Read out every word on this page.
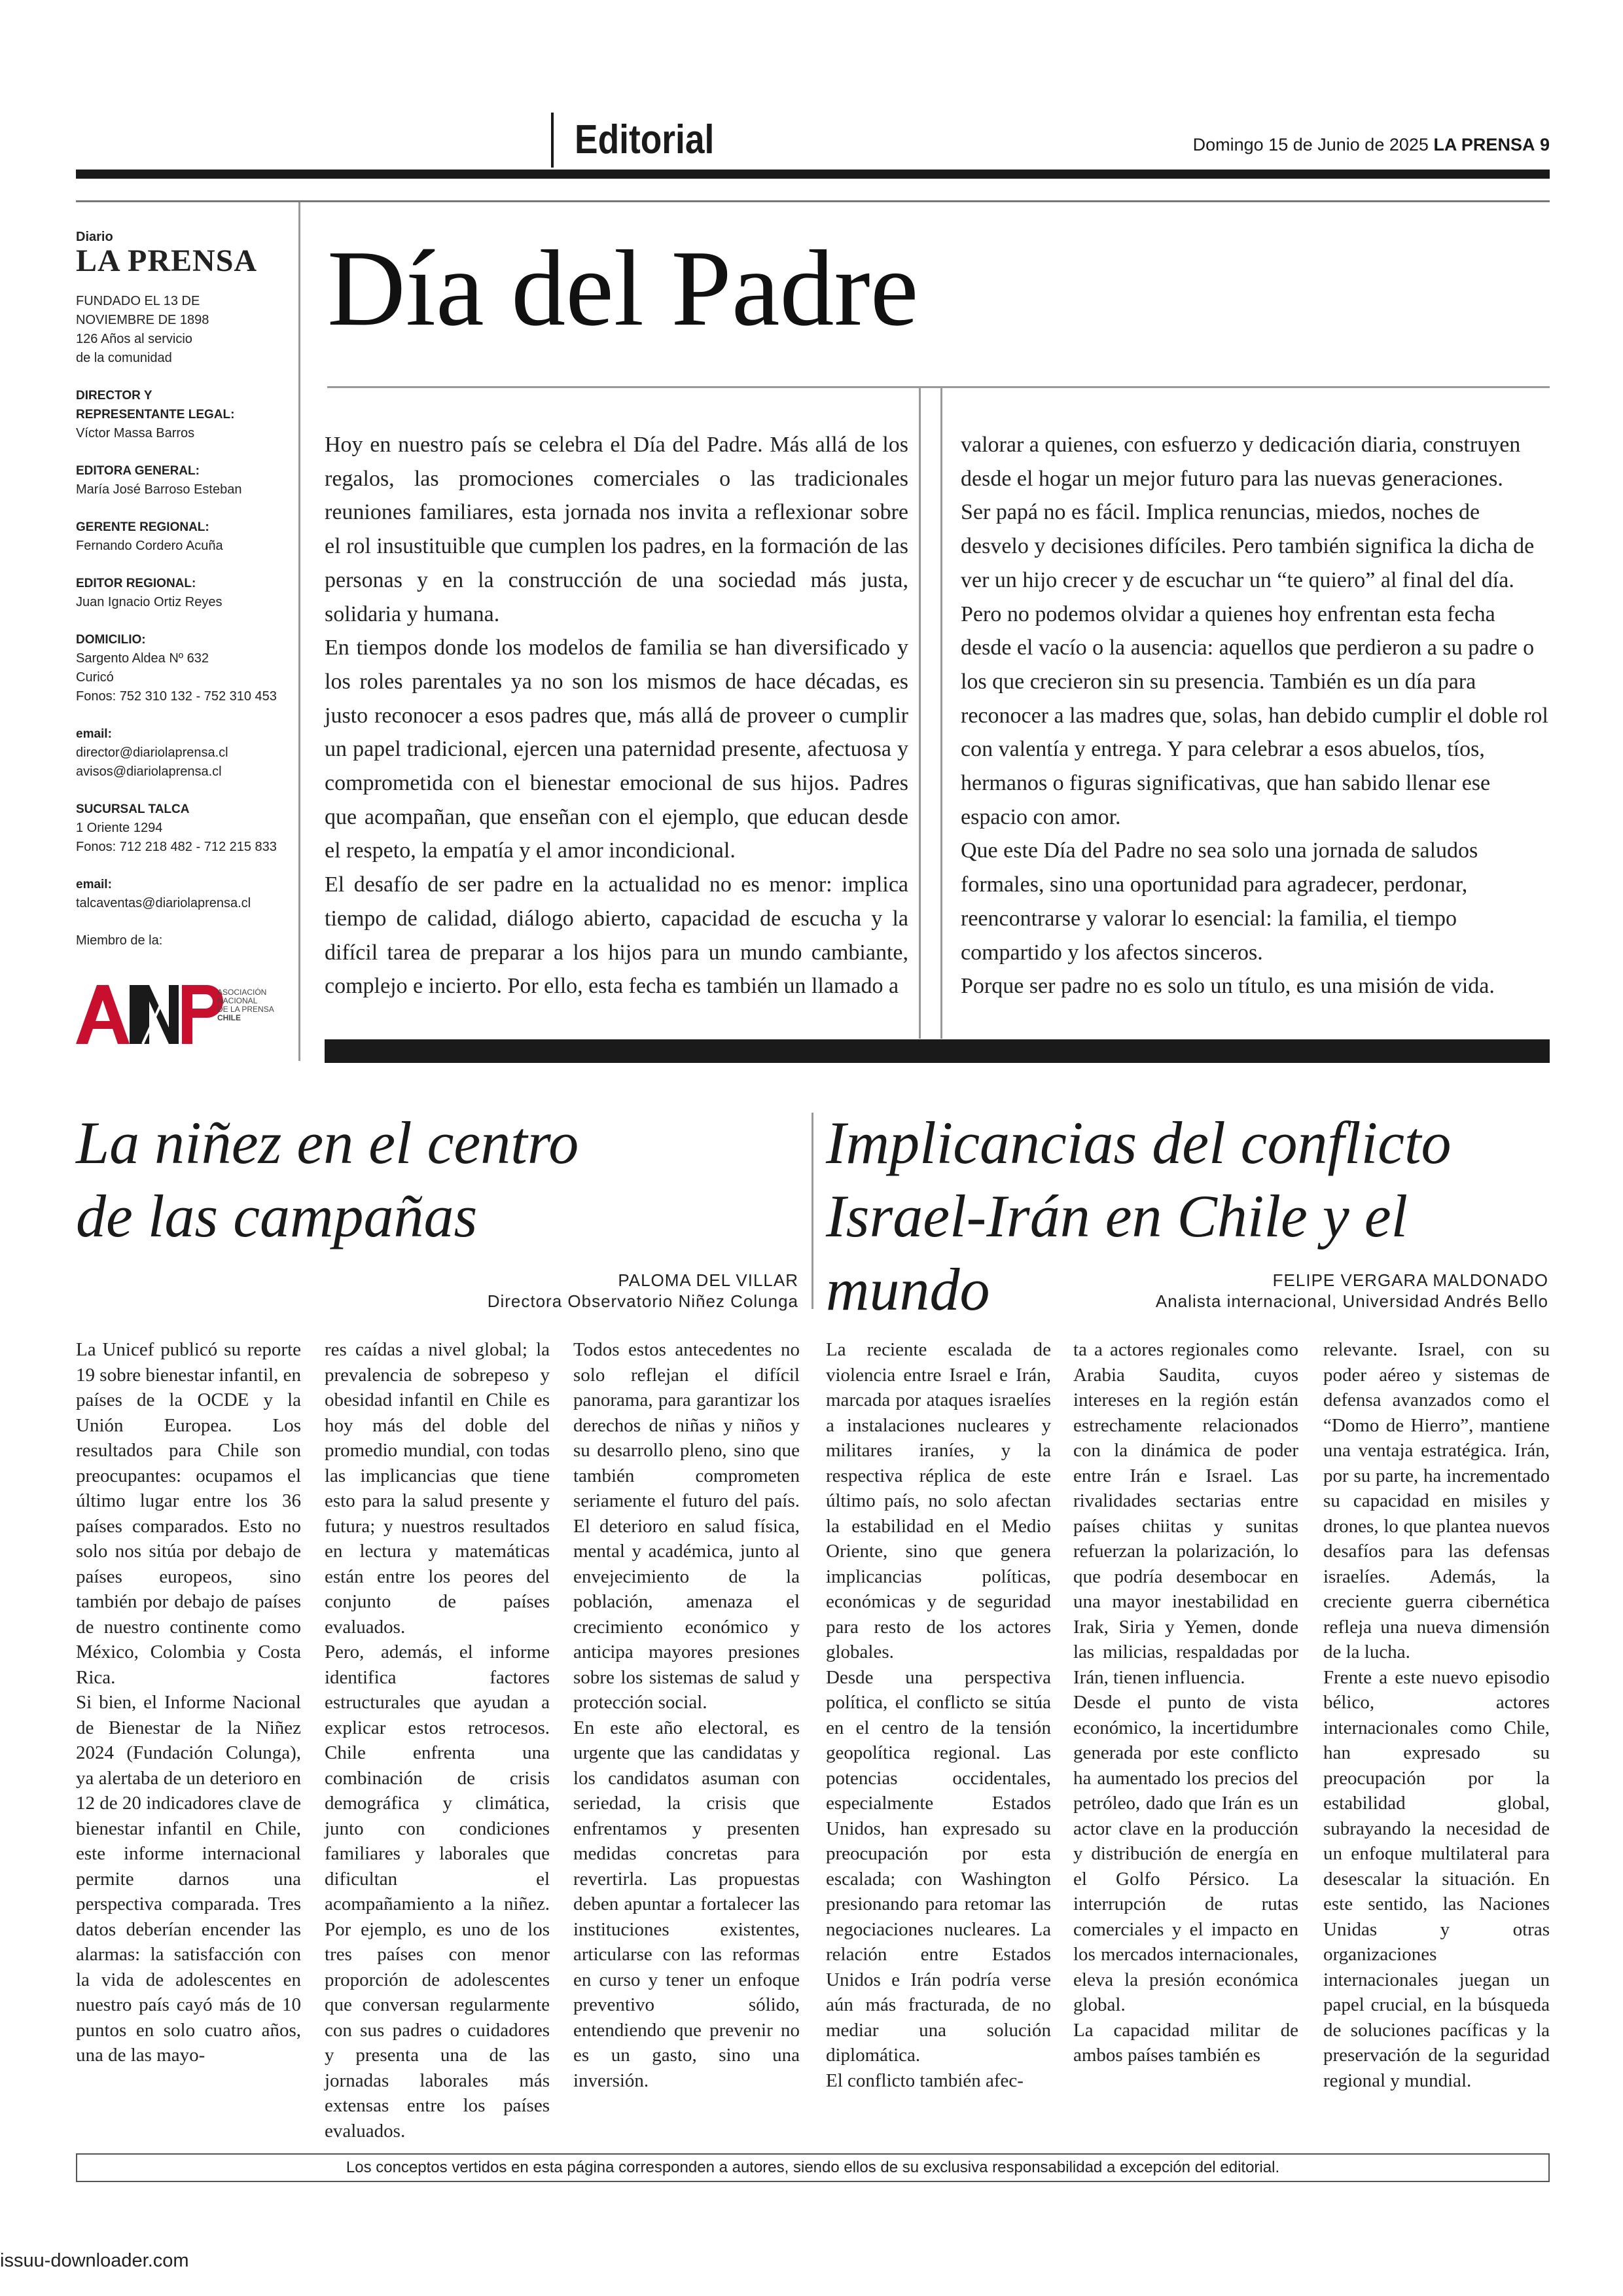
Editorial	Domingo 15 de Junio de 2025 LA PRENSA 9
Diario
LA PRENSA
FUNDADO EL 13 DE
NOVIEMBRE DE 1898
126 Años al servicio
de la comunidad
DIRECTOR Y
REPRESENTANTE LEGAL:
Víctor Massa Barros
EDITORA GENERAL:
María José Barroso Esteban
GERENTE REGIONAL:
Fernando Cordero Acuña
EDITOR REGIONAL:
Juan Ignacio Ortiz Reyes
DOMICILIO:
Sargento Aldea Nº 632
Curicó
Fonos: 752 310 132 - 752 310 453
email:
director@diariolaprensa.cl
avisos@diariolaprensa.cl
SUCURSAL TALCA
1 Oriente 1294
Fonos: 712 218 482 - 712 215 833
email:
talcaventas@diariolaprensa.cl
Miembro de la:
ASOCIACIÓN
NACIONAL
DE LA PRENSA
CHILE
Día del Padre

Hoy en nuestro país se celebra el Día del Padre. Más allá de los regalos, las promociones comerciales o las tradicionales reuniones familiares, esta jornada nos invita a reflexionar sobre el rol insustituible que cumplen los padres, en la formación de las personas y en la construcción de una sociedad más justa, solidaria y humana.

En tiempos donde los modelos de familia se han diversificado y los roles parentales ya no son los mismos de hace décadas, es justo reconocer a esos padres que, más allá de proveer o cumplir un papel tradicional, ejercen una paternidad presente, afectuosa y comprometida con el bienestar emocional de sus hijos. Padres que acompañan, que enseñan con el ejemplo, que educan desde el respeto, la empatía y el amor incondicional.

El desafío de ser padre en la actualidad no es menor: implica tiempo de calidad, diálogo abierto, capacidad de escucha y la difícil tarea de preparar a los hijos para un mundo cambiante, complejo e incierto. Por ello, esta fecha es también un llamado a

valorar a quienes, con esfuerzo y dedicación diaria, construyen desde el hogar un mejor futuro para las nuevas generaciones.

Ser papá no es fácil. Implica renuncias, miedos, noches de desvelo y decisiones difíciles. Pero también significa la dicha de ver un hijo crecer y de escuchar un “te quiero” al final del día.

Pero no podemos olvidar a quienes hoy enfrentan esta fecha desde el vacío o la ausencia: aquellos que perdieron a su padre o los que crecieron sin su presencia. También es un día para reconocer a las madres que, solas, han debido cumplir el doble rol con valentía y entrega. Y para celebrar a esos abuelos, tíos, hermanos o figuras significativas, que han sabido llenar ese espacio con amor.

Que este Día del Padre no sea solo una jornada de saludos formales, sino una oportunidad para agradecer, perdonar, reencontrarse y valorar lo esencial: la familia, el tiempo compartido y los afectos sinceros.

Porque ser padre no es solo un título, es una misión de vida.

La niñez en el centro
de las campañas
PALOMA DEL VILLAR
Directora Observatorio Niñez Colunga

La Unicef publicó su reporte 19 sobre bienestar infantil, en países de la OCDE y la Unión Europea. Los resultados para Chile son preocupantes: ocupamos el último lugar entre los 36 países comparados. Esto no solo nos sitúa por debajo de países europeos, sino también por debajo de países de nuestro continente como México, Colombia y Costa Rica.

Si bien, el Informe Nacional de Bienestar de la Niñez 2024 (Fundación Colunga), ya alertaba de un deterioro en 12 de 20 indicadores clave de bienestar infantil en Chile, este informe internacional permite darnos una perspectiva comparada. Tres datos deberían encender las alarmas: la satisfacción con la vida de adolescentes en nuestro país cayó más de 10 puntos en solo cuatro años, una de las mayo-

res caídas a nivel global; la prevalencia de sobrepeso y obesidad infantil en Chile es hoy más del doble del promedio mundial, con todas las implicancias que tiene esto para la salud presente y futura; y nuestros resultados en lectura y matemáticas están entre los peores del conjunto de países evaluados.

Pero, además, el informe identifica factores estructurales que ayudan a explicar estos retrocesos. Chile enfrenta una combinación de crisis demográfica y climática, junto con condiciones familiares y laborales que dificultan el acompañamiento a la niñez. Por ejemplo, es uno de los tres países con menor proporción de adolescentes que conversan regularmente con sus padres o cuidadores y presenta una de las jornadas laborales más extensas entre los países evaluados.

Todos estos antecedentes no solo reflejan el difícil panorama, para garantizar los derechos de niñas y niños y su desarrollo pleno, sino que también comprometen seriamente el futuro del país. El deterioro en salud física, mental y académica, junto al envejecimiento de la población, amenaza el crecimiento económico y anticipa mayores presiones sobre los sistemas de salud y protección social.

En este año electoral, es urgente que las candidatas y los candidatos asuman con seriedad, la crisis que enfrentamos y presenten medidas concretas para revertirla. Las propuestas deben apuntar a fortalecer las instituciones existentes, articularse con las reformas en curso y tener un enfoque preventivo sólido, entendiendo que prevenir no es un gasto, sino una inversión.

Implicancias del conflicto
Israel-Irán en Chile y el mundo	FELIPE VERGARA MALDONADO
Analista internacional, Universidad Andrés Bello

La reciente escalada de violencia entre Israel e Irán, marcada por ataques israelíes a instalaciones nucleares y militares iraníes, y la respectiva réplica de este último país, no solo afectan la estabilidad en el Medio Oriente, sino que genera implicancias políticas, económicas y de seguridad para resto de los actores globales.

Desde una perspectiva política, el conflicto se sitúa en el centro de la tensión geopolítica regional. Las potencias occidentales, especialmente Estados Unidos, han expresado su preocupación por esta escalada; con Washington presionando para retomar las negociaciones nucleares. La relación entre Estados Unidos e Irán podría verse aún más fracturada, de no mediar una solución diplomática.

El conflicto también afec-

ta a actores regionales como Arabia Saudita, cuyos intereses en la región están estrechamente relacionados con la dinámica de poder entre Irán e Israel. Las rivalidades sectarias entre países chiitas y sunitas refuerzan la polarización, lo que podría desembocar en una mayor inestabilidad en Irak, Siria y Yemen, donde las milicias, respaldadas por Irán, tienen influencia.

Desde el punto de vista económico, la incertidumbre generada por este conflicto ha aumentado los precios del petróleo, dado que Irán es un actor clave en la producción y distribución de energía en el Golfo Pérsico. La interrupción de rutas comerciales y el impacto en los mercados internacionales, eleva la presión económica global.

La capacidad militar de ambos países también es

relevante. Israel, con su poder aéreo y sistemas de defensa avanzados como el “Domo de Hierro”, mantiene una ventaja estratégica. Irán, por su parte, ha incrementado su capacidad en misiles y drones, lo que plantea nuevos desafíos para las defensas israelíes. Además, la creciente guerra cibernética refleja una nueva dimensión de la lucha.

Frente a este nuevo episodio bélico, actores internacionales como Chile, han expresado su preocupación por la estabilidad global, subrayando la necesidad de un enfoque multilateral para desescalar la situación. En este sentido, las Naciones Unidas y otras organizaciones internacionales juegan un papel crucial, en la búsqueda de soluciones pacíficas y la preservación de la seguridad regional y mundial.

Los conceptos vertidos en esta página corresponden a autores, siendo ellos de su exclusiva responsabilidad a excepción del editorial.
issuu-downloader.com
